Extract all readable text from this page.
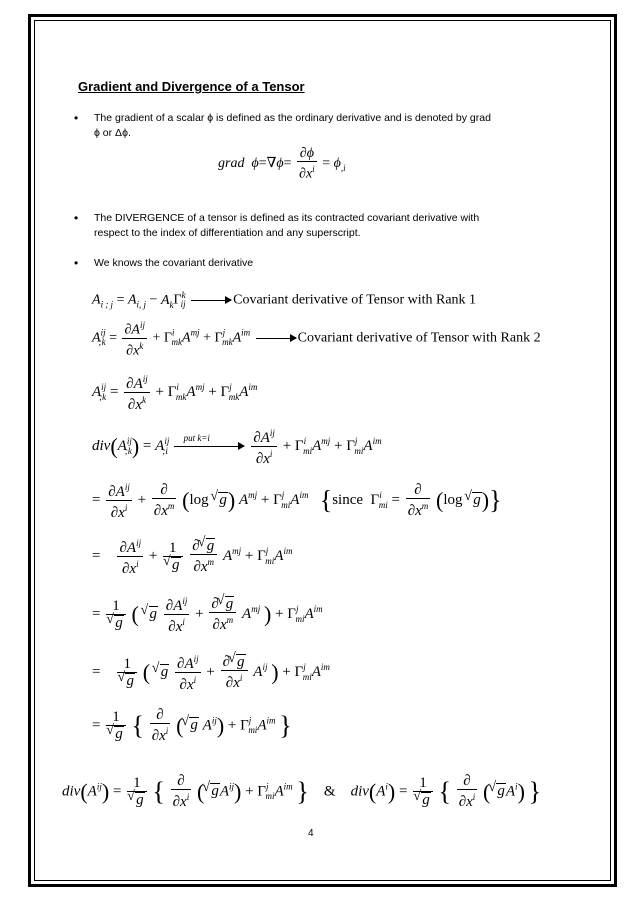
Gradient and Divergence of a Tensor
• The gradient of a scalar ϕ is defined as the ordinary derivative and is denoted by grad
ϕ or Δϕ.
grad  $\phi=\nabla\phi= \frac{\partial\phi}{\partial x^i} = \phi_{,i}$
• The DIVERGENCE of a tensor is defined as its contracted covariant derivative with
respect to the index of differentiation and any superscript.
• We knows the covariant derivative
$A_{i ; j} = A_{i, j} - A_k\Gamma^k_{ij}$	Covariant derivative of Tensor with Rank 1
$A^{ij}_{;k} = \frac{\partial A^{ij}}{\partial x^k} + \Gamma^i_{mk}A^{mj} + \Gamma^j_{mk}A^{im}$	Covariant derivative of Tensor with Rank 2
$A^{ij}_{;k} = \frac{\partial A^{ij}}{\partial x^k} + \Gamma^i_{mk}A^{mj} + \Gamma^j_{mk}A^{im}$
$div(A^{ij}_{;k}) = A^{ij}_{;i}$
put k=i
	$\frac{\partial A^{ij}}{\partial x^i} + \Gamma^i_{mi}A^{mj} + \Gamma^j_{mi}A^{im}$
= $\frac{\partial A^{ij}}{\partial x^i} + \frac{\partial}{\partial x^m} (\log$ √ g) $A^{mj} + \Gamma^j_{mi}A^{im}$ {since  $\Gamma^i_{mi} = \frac{\partial}{\partial x^m} (\log$ √ g)}
= $\frac{\partial A^{ij}}{\partial x^i} + 1$
√ g
$\frac{\partial √ g}{\partial x^m} A^{mj} + \Gamma^j_{mi}A^{im}$
= 1
√ g ( √ g $\frac{\partial A^{ij}}{\partial x^i} + \frac{\partial √ g}{\partial x^m} A^{mj}$ ) + $\Gamma^j_{mi}A^{im}$
= 1
√ g ( √ g $\frac{\partial A^{ij}}{\partial x^i} + \frac{\partial √ g}{\partial x^i} A^{ij}$ ) + $\Gamma^j_{mi}A^{im}$
= 1
√ g { $\frac{\partial}{\partial x^i}$ ( √ g $A^{ij}) + \Gamma^j_{mi}A^{im}$ }
$div(A^{ij}) = 1$
√ g { $\frac{\partial}{\partial x^i}$ ( √ $gA^{ij}) + \Gamma^j_{mi}A^{im}$ } & $div(A^i) = 1$
√ g { $\frac{\partial}{\partial x^i}$ ( √ $gA^i$) }
4
